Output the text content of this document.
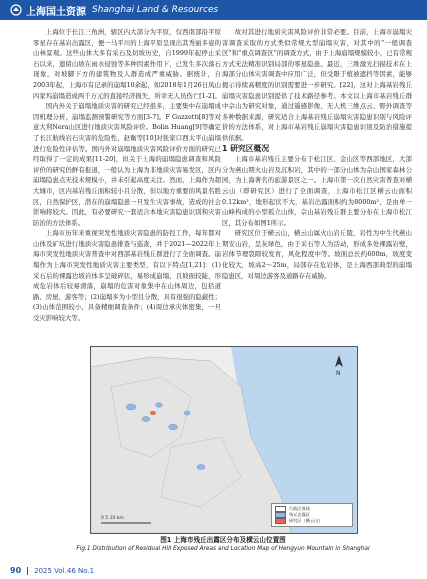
上海国土资源 Shanghai Land & Resources

上海位于长江三角洲，辖区内大部分为平原，仅西南部沿平原零星存在基岩出露区，便一马平川的上海平原呈现出其秀丽多姿的山林景观。这些山体大多有采石及切坡历史，自1999年起停止采石以来，遗留山坡在雨水侵蚀等多种因素作用下，已发生多次落石现象，对坡脚下方的建筑物及人群造成严重威胁。据统计，自2003年起，上海市有记录的崩塌10余起，如2018年1月26日凤山四家坞崩塌造成两千万元的直接经济损失，所幸无人员伤亡[1-2]。

国内外关于崩塌地质灾害的研究已经很多，主要集中在崩塌成因机理分析、崩塌监测预警研究等方面[3-7]。F Guzzetti[8]等对意大利Nera山区进行地质灾害风险评价。Bolin Huang[9]等确定了长江航线岩石灾害的危险性，赵衡等[10]对张家口西太平山崩塌进行危险性评估等。国内外对崩塌地质灾害风险评价方面的研究已经取得了一定的成果[11-20]，但关于上海的崩塌隐患调查和风险评价的研究仍鲜有报道，一般认为上海为非地质灾害易发区，区内崩塌隐患点无技术规模小，并未引起高度关注。然而，上海作为超大城市，区内基岩残丘面积较小且分散，但以地方重要的风景名胜区，自然保护区，潜在的崩塌隐患一旦发生灾害事故，造成的社会影响将较大。因此，有必要研究一套适合本地灾害隐患识别和灾害防治的方法体系。

上海市历年来重视突发性地质灾害隐患的防控工作，每年都对山体及矿坑进行地质灾害隐患排查与巡查，并于2021—2022年上海市突发性地质灾害普查中对西部基岩残丘群进行了全面调查。崩塌作为上海市突发性地质灾害主要类型，有以下特点[1,21]：(1)采石后的裸露边坡岩体多呈破碎状，易形成崩塌，且坡面较陡，形成危岩体后较易滑落，崩塌的危害对象集中在山体周边，包括道路、房屋、游客等；(2)崩塌多为小型且分散，具有很强的隐蔽性；(3)山体范围较小，具备精细调查条件；(4)周边承灾体密集，一旦受灾影响较大等。

故对其进行地质灾害风险评价非常必要。目前，上海市崩塌灾害调查采取的方式类似常规大型崩塌灾害，对其中的“一般调查区”和“重点调查区”的调查方式，由于上海崩塌规模较小，已有常规方式无法精准识别局部的零星隐患。最近，三维激光扫描技术在上海部分山体灾害调查中应用广泛，但受限于植被遮挡等因素，能够揭示待续高精度的识别需要进一步研究。[22]，这对上海基岩残丘崩塌灾害隐患识别提供了技术路径参考。本文以上海市基岩残丘群中佘山为研究对象，通过遥感影像、无人机三维点云、野外调查等多种数据来源，研究适合上海基岩残丘崩塌灾害隐患识别与风险评价的方法体系，对上海市基岩残丘崩塌灾害隐患识别及防治措施提供依据。

1 研究区概况

上海市基岩残丘主要分布于松江区、金山区等西部地区，大部分为燕山期火山岩及沉积岩，其中的一部分山体为佘山国家森林公园，为上海著名的旅游景区之一。上海市第一次自然灾害普查对横云山（即研究区）进行了全面调查，上海市松江区横云山面积0.12km²，地形起伏不大，基岩出露面积约为8000m²，是由单一山峰构成的小型孤立山体，佘山基岩残丘群主要分布在上海市松江区，其分布如图1所示。

研究区位于横云山，横云山属火山岩丘陵，岩性为中生代燕山期安山岩，呈灰绿色，由于采石等人为活动，形成多处裸露岩壁，岩体节理裂隙较发育，风化程度中等。坡面总长约600m，坡度变化较大，坡高2～25m，局部存在危岩体，是上海西部典型的崩塌隐患区，对周边游客及道路存在威胁。

N
0 5 10 km
行政区界线
残丘出露区
研究区（横云山）
图1 上海市残丘出露区分布及横云山位置图
Fig.1 Distribution of Residual Hill Exposed Areas and Location Map of Hengyun Mountain in Shanghai
90 2025 Vol.46 No.1
